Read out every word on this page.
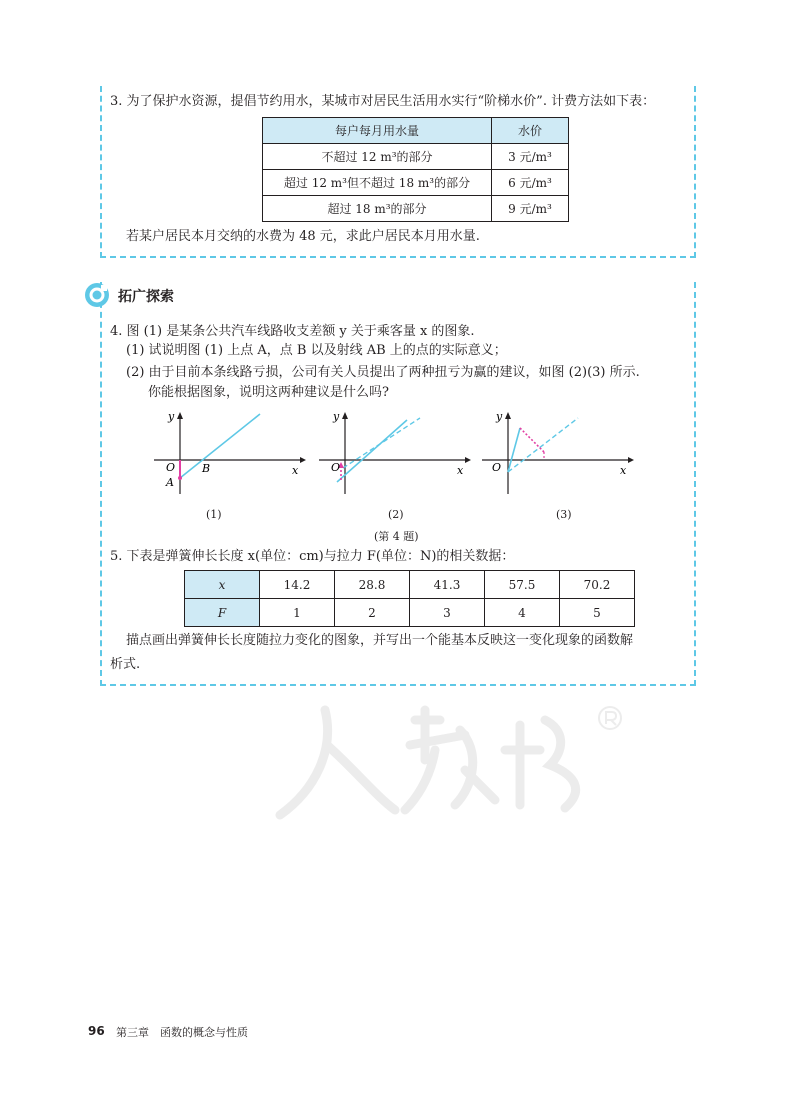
3. 为了保护水资源，提倡节约用水，某城市对居民生活用水实行“阶梯水价”. 计费方法如下表：
每户每月用水量	水价
不超过 12 m³的部分	3 元/m³
超过 12 m³但不超过 18 m³的部分	6 元/m³
超过 18 m³的部分	9 元/m³
若某户居民本月交纳的水费为 48 元，求此户居民本月用水量.
拓广探索
4. 图 (1) 是某条公共汽车线路收支差额 y 关于乘客量 x 的图象.
(1) 试说明图 (1) 上点 A，点 B 以及射线 AB 上的点的实际意义；
(2) 由于目前本条线路亏损，公司有关人员提出了两种扭亏为赢的建议，如图 (2)(3) 所示.
你能根据图象，说明这两种建议是什么吗?
y
x
O
A
B
y
x
O
y
x
O
(1)	(2)	(3)
(第 4 题)
5. 下表是弹簧伸长长度 x(单位：cm)与拉力 F(单位：N)的相关数据：
x	14.2	28.8	41.3	57.5	70.2
F	1	2	3	4	5
描点画出弹簧伸长长度随拉力变化的图象，并写出一个能基本反映这一变化现象的函数解
析式.
96 第三章　函数的概念与性质
